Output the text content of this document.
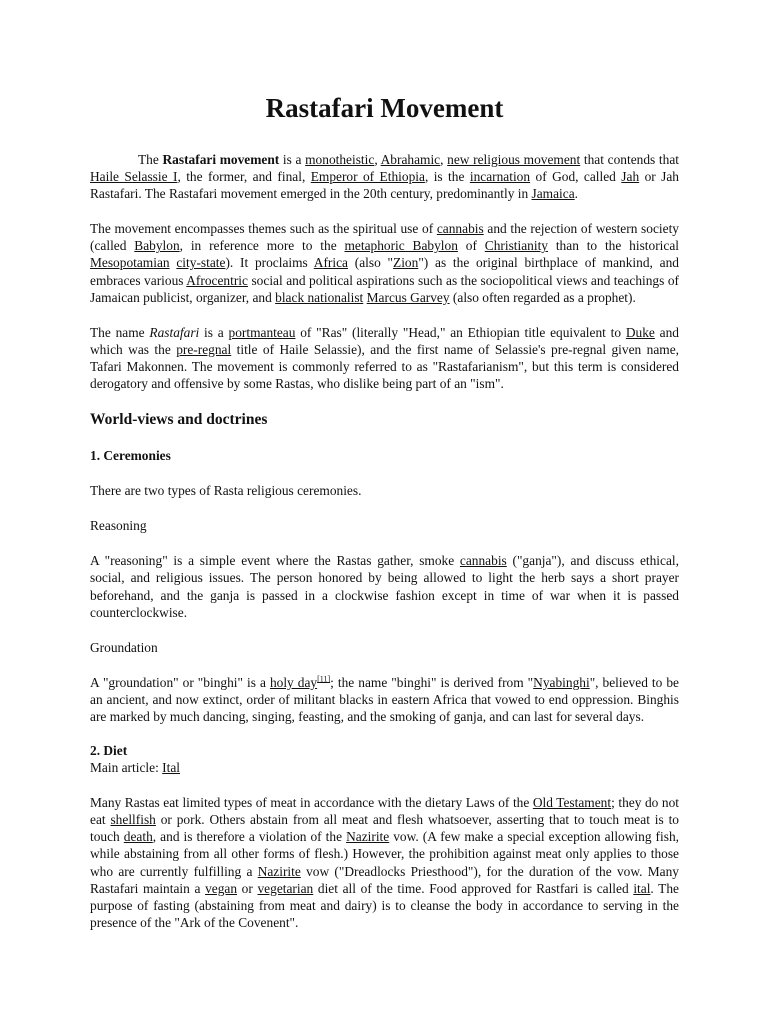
Rastafari Movement

The Rastafari movement is a monotheistic, Abrahamic, new religious movement that contends that Haile Selassie I, the former, and final, Emperor of Ethiopia, is the incarnation of God, called Jah or Jah Rastafari. The Rastafari movement emerged in the 20th century, predominantly in Jamaica.

The movement encompasses themes such as the spiritual use of cannabis and the rejection of western society (called Babylon, in reference more to the metaphoric Babylon of Christianity than to the historical Mesopotamian city-state). It proclaims Africa (also "Zion") as the original birthplace of mankind, and embraces various Afrocentric social and political aspirations such as the sociopolitical views and teachings of Jamaican publicist, organizer, and black nationalist Marcus Garvey (also often regarded as a prophet).

The name Rastafari is a portmanteau of "Ras" (literally "Head," an Ethiopian title equivalent to Duke and which was the pre-regnal title of Haile Selassie), and the first name of Selassie's pre-regnal given name, Tafari Makonnen. The movement is commonly referred to as "Rastafarianism", but this term is considered derogatory and offensive by some Rastas, who dislike being part of an "ism".

World-views and doctrines
1. Ceremonies

There are two types of Rasta religious ceremonies.

Reasoning

A "reasoning" is a simple event where the Rastas gather, smoke cannabis ("ganja"), and discuss ethical, social, and religious issues. The person honored by being allowed to light the herb says a short prayer beforehand, and the ganja is passed in a clockwise fashion except in time of war when it is passed counterclockwise.

Groundation

A "groundation" or "binghi" is a holy day[11]; the name "binghi" is derived from "Nyabinghi", believed to be an ancient, and now extinct, order of militant blacks in eastern Africa that vowed to end oppression. Binghis are marked by much dancing, singing, feasting, and the smoking of ganja, and can last for several days.

2. Diet

Main article: Ital

Many Rastas eat limited types of meat in accordance with the dietary Laws of the Old Testament; they do not eat shellfish or pork. Others abstain from all meat and flesh whatsoever, asserting that to touch meat is to touch death, and is therefore a violation of the Nazirite vow. (A few make a special exception allowing fish, while abstaining from all other forms of flesh.) However, the prohibition against meat only applies to those who are currently fulfilling a Nazirite vow ("Dreadlocks Priesthood"), for the duration of the vow. Many Rastafari maintain a vegan or vegetarian diet all of the time. Food approved for Rastfari is called ital. The purpose of fasting (abstaining from meat and dairy) is to cleanse the body in accordance to serving in the presence of the "Ark of the Covenent".
